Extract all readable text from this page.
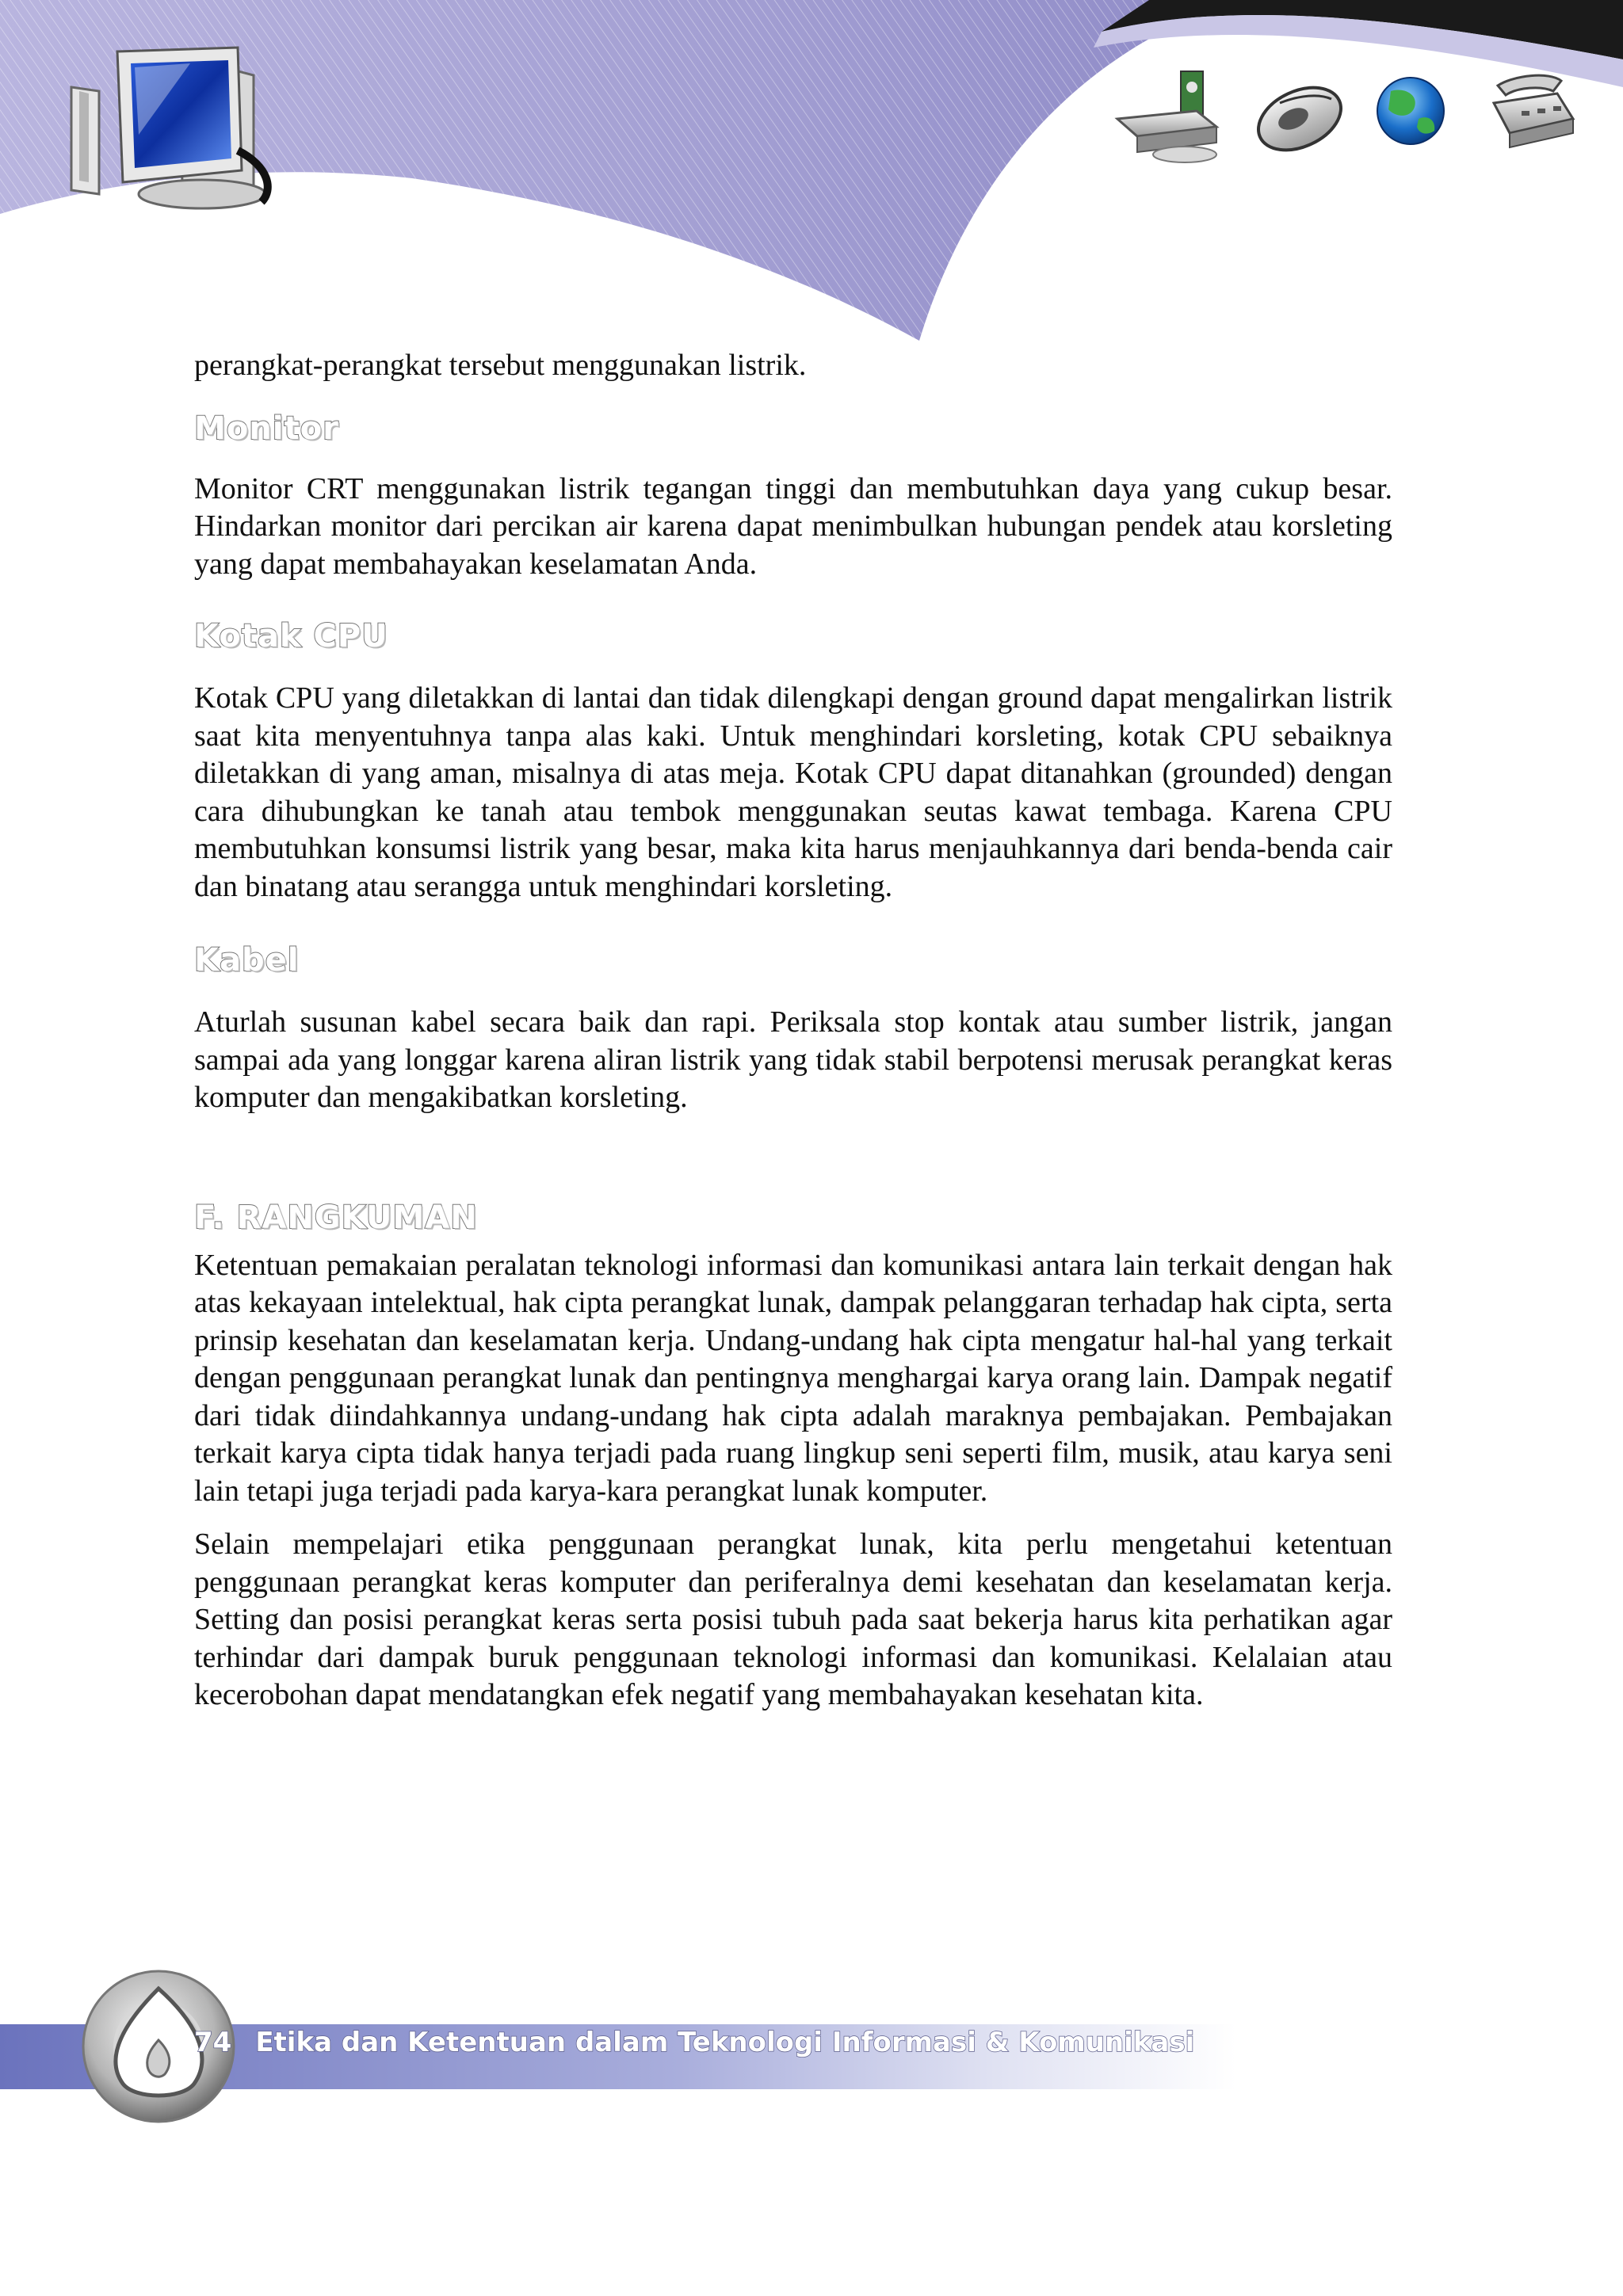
74 Etika dan Ketentuan dalam Teknologi Informasi & Komunikasi

perangkat-perangkat tersebut menggunakan listrik.

Monitor

Monitor CRT menggunakan listrik tegangan tinggi dan membutuhkan daya yang cukup besar. Hindarkan monitor dari percikan air karena dapat menimbulkan hubungan pendek atau korsleting yang dapat membahayakan keselamatan Anda.

Kotak CPU

Kotak CPU yang diletakkan di lantai dan tidak dilengkapi dengan ground dapat mengalirkan listrik saat kita menyentuhnya tanpa alas kaki. Untuk menghindari korsleting, kotak CPU sebaiknya diletakkan di yang aman, misalnya di atas meja. Kotak CPU dapat ditanahkan (grounded) dengan cara dihubungkan ke tanah atau tembok menggunakan seutas kawat tembaga. Karena CPU membutuhkan konsumsi listrik yang besar, maka kita harus menjauhkannya dari benda-benda cair dan binatang atau serangga untuk menghindari korsleting.

Kabel

Aturlah susunan kabel secara baik dan rapi. Periksala stop kontak atau sumber listrik, jangan sampai ada yang longgar karena aliran listrik yang tidak stabil berpotensi merusak perangkat keras komputer dan mengakibatkan korsleting.

F. RANGKUMAN

Ketentuan pemakaian peralatan teknologi informasi dan komunikasi antara lain terkait dengan hak atas kekayaan intelektual, hak cipta perangkat lunak, dampak pelanggaran terhadap hak cipta, serta prinsip kesehatan dan keselamatan kerja. Undang-undang hak cipta mengatur hal-hal yang terkait dengan penggunaan perangkat lunak dan pentingnya menghargai karya orang lain. Dampak negatif dari tidak diindahkannya undang-undang hak cipta adalah maraknya pembajakan. Pembajakan terkait karya cipta tidak hanya terjadi pada ruang lingkup seni seperti film, musik, atau karya seni lain tetapi juga terjadi pada karya-kara perangkat lunak komputer.

Selain mempelajari etika penggunaan perangkat lunak, kita perlu mengetahui ketentuan penggunaan perangkat keras komputer dan periferalnya demi kesehatan dan keselamatan kerja. Setting dan posisi perangkat keras serta posisi tubuh pada saat bekerja harus kita perhatikan agar terhindar dari dampak buruk penggunaan teknologi informasi dan komunikasi. Kelalaian atau kecerobohan dapat mendatangkan efek negatif yang membahayakan kesehatan kita.
